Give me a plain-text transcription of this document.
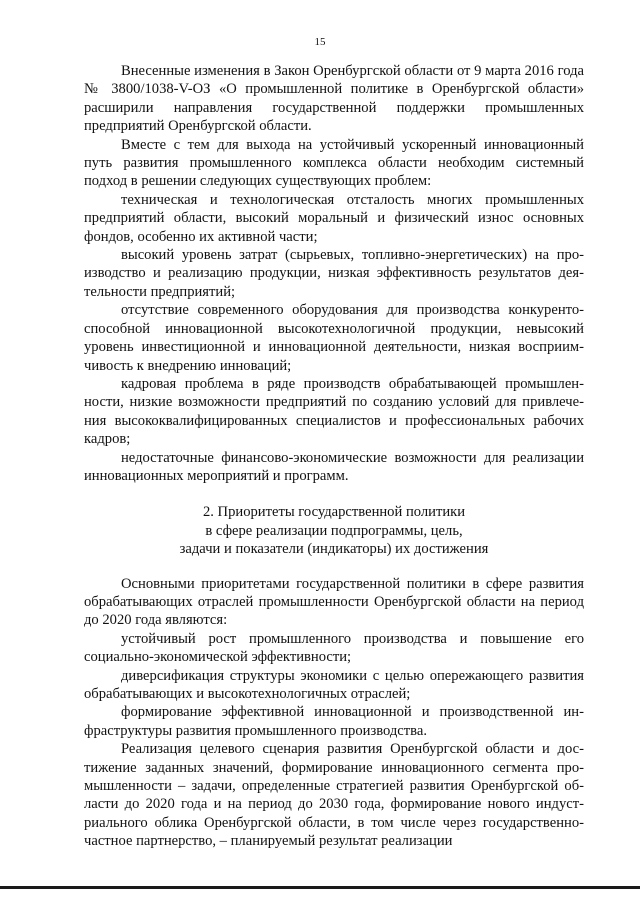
15

Внесенные изменения в Закон Оренбургской области от 9 марта 2016 года № 3800/1038-V-ОЗ «О промышленной политике в Оренбургской области» расширили направления государственной поддержки промышленных предприятий Оренбургской области.

Вместе с тем для выхода на устойчивый ускоренный инновационный путь развития промышленного комплекса области необходим системный подход в решении следующих существующих проблем:

техническая и технологическая отсталость многих промышленных предприятий области, высокий моральный и физический износ основных фондов, особенно их активной части;

высокий уровень затрат (сырьевых, топливно-энергетических) на производство и реализацию продукции, низкая эффективность результатов деятельности предприятий;

отсутствие современного оборудования для производства конкурентоспособной инновационной высокотехнологичной продукции, невысокий уровень инвестиционной и инновационной деятельности, низкая восприимчивость к внедрению инноваций;

кадровая проблема в ряде производств обрабатывающей промышленности, низкие возможности предприятий по созданию условий для привлечения высококвалифицированных специалистов и профессиональных рабочих кадров;

недостаточные финансово-экономические возможности для реализации инновационных мероприятий и программ.

2. Приоритеты государственной политики
в сфере реализации подпрограммы, цель,
задачи и показатели (индикаторы) их достижения

Основными приоритетами государственной политики в сфере развития обрабатывающих отраслей промышленности Оренбургской области на период до 2020 года являются:

устойчивый рост промышленного производства и повышение его социально-экономической эффективности;

диверсификация структуры экономики с целью опережающего развития обрабатывающих и высокотехнологичных отраслей;

формирование эффективной инновационной и производственной инфраструктуры развития промышленного производства.

Реализация целевого сценария развития Оренбургской области и достижение заданных значений, формирование инновационного сегмента промышленности – задачи, определенные стратегией развития Оренбургской области до 2020 года и на период до 2030 года, формирование нового индустриального облика Оренбургской области, в том числе через государственно-частное партнерство, – планируемый результат реализации
